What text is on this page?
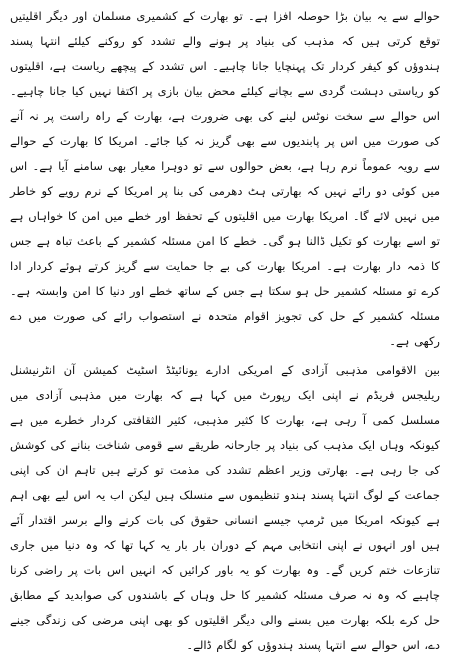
حوالے سے یہ بیان بڑا حوصلہ افزا ہے۔ تو بھارت کے کشمیری مسلمان اور دیگر اقلیتیں توقع کرتی ہیں کہ مذہب کی بنیاد پر ہونے والے تشدد کو روکنے کیلئے انتہا پسند ہندوؤں کو کیفر کردار تک پہنچایا جانا چاہیے۔ اس تشدد کے پیچھے ریاست ہے، اقلیتوں کو ریاستی دہشت گردی سے بچانے کیلئے محض بیان بازی پر اکتفا نہیں کیا جانا چاہیے۔ اس حوالے سے سخت نوٹس لینے کی بھی ضرورت ہے، بھارت کے راہ راست پر نہ آنے کی صورت میں اس پر پابندیوں سے بھی گریز نہ کیا جائے۔ امریکا کا بھارت کے حوالے سے رویہ عموماً نرم رہا ہے، بعض حوالوں سے تو دوہرا معیار بھی سامنے آیا ہے۔ اس میں کوئی دو رائے نہیں کہ بھارتی ہٹ دھرمی کی بنا پر امریکا کے نرم رویے کو خاطر میں نہیں لائے گا۔ امریکا بھارت میں اقلیتوں کے تحفظ اور خطے میں امن کا خواہاں ہے تو اسے بھارت کو تکیل ڈالنا ہو گی۔ خطے کا امن مسئلہ کشمیر کے باعث تباہ ہے جس کا ذمہ دار بھارت ہے۔ امریکا بھارت کی بے جا حمایت سے گریز کرتے ہوئے کردار ادا کرے تو مسئلہ کشمیر حل ہو سکتا ہے جس کے ساتھ خطے اور دنیا کا امن وابستہ ہے۔ مسئلہ کشمیر کے حل کی تجویز اقوام متحدہ نے استصواب رائے کی صورت میں دے رکھی ہے۔

بین الاقوامی مذہبی آزادی کے امریکی ادارے یونائیٹڈ اسٹیٹ کمیشن آن انٹرنیشنل ریلیجس فریڈم نے اپنی ایک رپورٹ میں کہا ہے کہ بھارت میں مذہبی آزادی میں مسلسل کمی آ رہی ہے، بھارت کا کثیر مذہبی، کثیر الثقافتی کردار خطرے میں ہے کیونکہ وہاں ایک مذہب کی بنیاد پر جارحانہ طریقے سے قومی شناخت بنانے کی کوشش کی جا رہی ہے۔ بھارتی وزیر اعظم تشدد کی مذمت تو کرتے ہیں تاہم ان کی اپنی جماعت کے لوگ انتہا پسند ہندو تنظیموں سے منسلک ہیں لیکن اب یہ اس لیے بھی اہم ہے کیونکہ امریکا میں ٹرمپ جیسے انسانی حقوق کی بات کرنے والے برسر اقتدار آئے ہیں اور انہوں نے اپنی انتخابی مہم کے دوران بار بار یہ کہا تھا کہ وہ دنیا میں جاری تنازعات ختم کریں گے۔ وہ بھارت کو یہ باور کرائیں کہ انہیں اس بات پر راضی کرنا چاہیے کہ وہ نہ صرف مسئلہ کشمیر کا حل وہاں کے باشندوں کی صوابدید کے مطابق حل کرے بلکہ بھارت میں بسنے والی دیگر اقلیتوں کو بھی اپنی مرضی کی زندگی جینے دے، اس حوالے سے انتہا پسند ہندوؤں کو لگام ڈالے۔
